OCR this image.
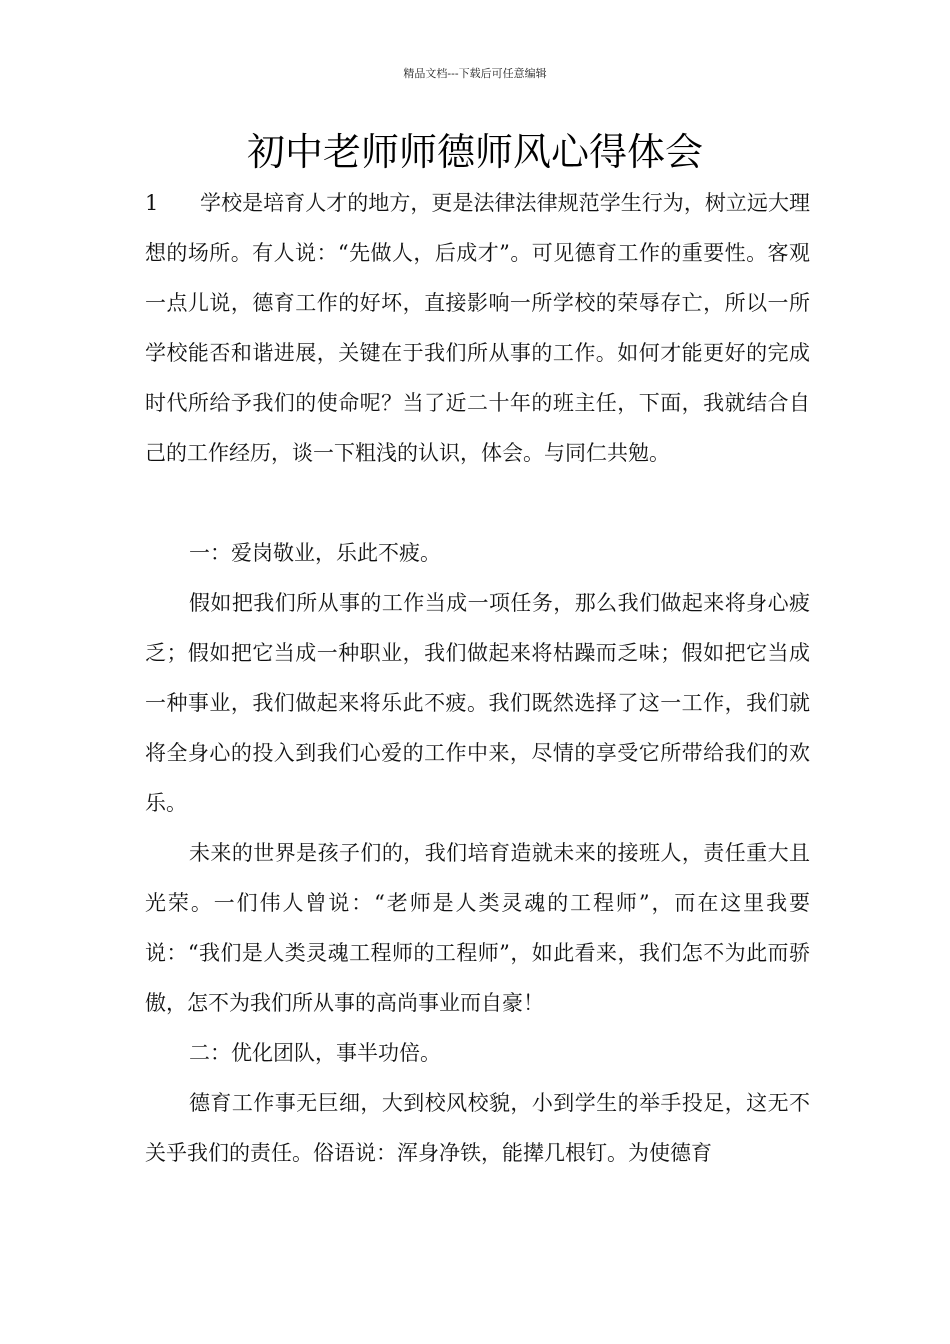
精品文档---下载后可任意编辑
初中老师师德师风心得体会

1 学校是培育人才的地方，更是法律法律规范学生行为，树立远大理想的场所。有人说：“先做人，后成才”。可见德育工作的重要性。客观一点儿说，德育工作的好坏，直接影响一所学校的荣辱存亡，所以一所学校能否和谐进展，关键在于我们所从事的工作。如何才能更好的完成时代所给予我们的使命呢？当了近二十年的班主任，下面，我就结合自己的工作经历，谈一下粗浅的认识，体会。与同仁共勉。

一：爱岗敬业，乐此不疲。

假如把我们所从事的工作当成一项任务，那么我们做起来将身心疲乏；假如把它当成一种职业，我们做起来将枯躁而乏味；假如把它当成一种事业，我们做起来将乐此不疲。我们既然选择了这一工作，我们就将全身心的投入到我们心爱的工作中来，尽情的享受它所带给我们的欢乐。

未来的世界是孩子们的，我们培育造就未来的接班人，责任重大且光荣。一们伟人曾说：“老师是人类灵魂的工程师”，而在这里我要说：“我们是人类灵魂工程师的工程师”，如此看来，我们怎不为此而骄傲，怎不为我们所从事的高尚事业而自豪！

二：优化团队，事半功倍。

德育工作事无巨细，大到校风校貌，小到学生的举手投足，这无不关乎我们的责任。俗语说：浑身净铁，能撵几根钉。为使德育
